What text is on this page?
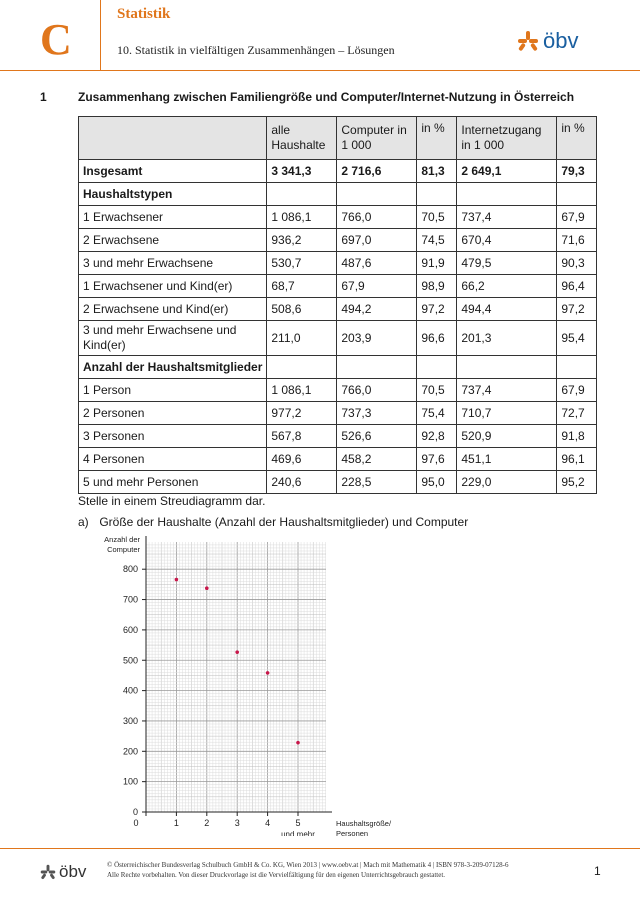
C
Statistik
10. Statistik in vielfältigen Zusammenhängen – Lösungen	öbv
1	Zusammenhang zwischen Familiengröße und Computer/Internet-Nutzung in Österreich
	alle Haushalte	Computer in 1 000	in %	Internetzugang in 1 000	in %
Insgesamt	3 341,3	2 716,6	81,3	2 649,1	79,3
Haushaltstypen					
1 Erwachsener	1 086,1	766,0	70,5	737,4	67,9
2 Erwachsene	936,2	697,0	74,5	670,4	71,6
3 und mehr Erwachsene	530,7	487,6	91,9	479,5	90,3
1 Erwachsener und Kind(er)	68,7	67,9	98,9	66,2	96,4
2 Erwachsene und Kind(er)	508,6	494,2	97,2	494,4	97,2
3 und mehr Erwachsene und Kind(er)	211,0	203,9	96,6	201,3	95,4
Anzahl der Haushaltsmitglieder					
1 Person	1 086,1	766,0	70,5	737,4	67,9
2 Personen	977,2	737,3	75,4	710,7	72,7
3 Personen	567,8	526,6	92,8	520,9	91,8
4 Personen	469,6	458,2	97,6	451,1	96,1
5 und mehr Personen	240,6	228,5	95,0	229,0	95,2
Stelle in einem Streudiagramm dar.
a) Größe der Haushalte (Anzahl der Haushaltsmitglieder) und Computer
0
100
200
300
400
500
600
700
800
0	1	2	3	4	5
und mehr
Anzahl der
Computer
Haushaltsgröße/
Personen
öbv	© Österreichischer Bundesverlag Schulbuch GmbH & Co. KG, Wien 2013 | www.oebv.at | Mach mit Mathematik 4 | ISBN 978-3-209-07128-6
Alle Rechte vorbehalten. Von dieser Druckvorlage ist die Vervielfältigung für den eigenen Unterrichtsgebrauch gestattet.	1
